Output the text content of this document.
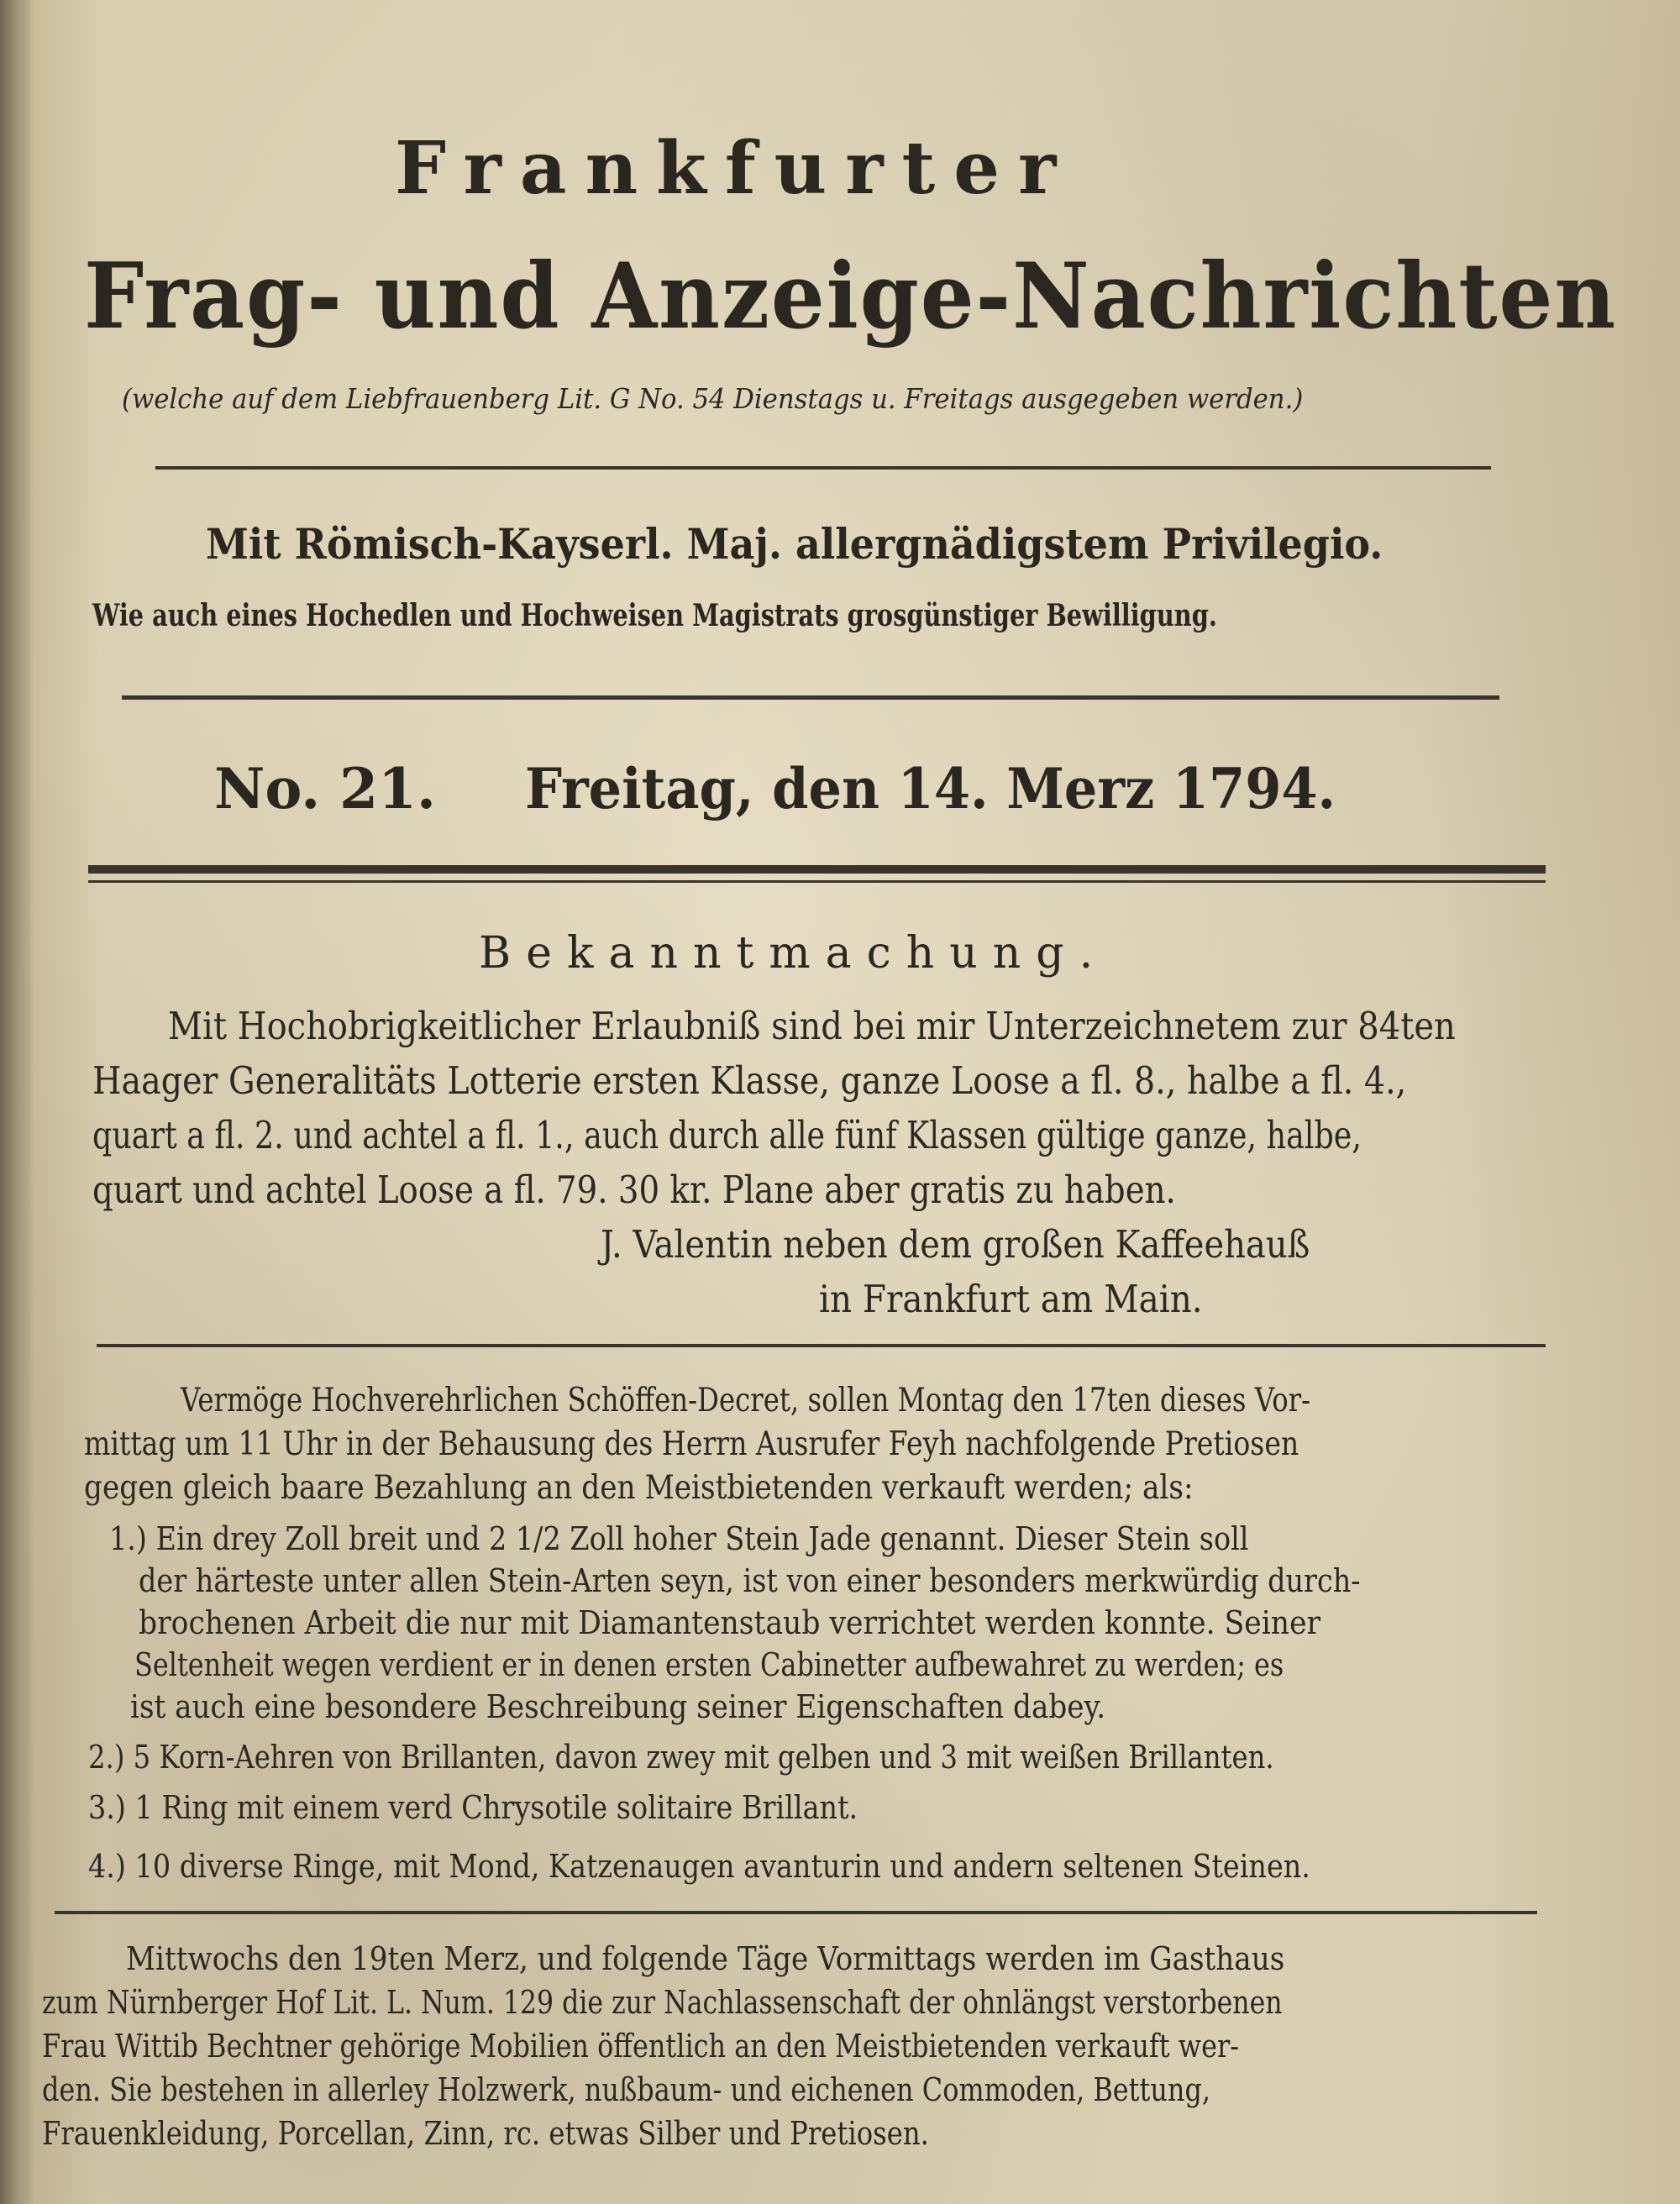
Frankfurter
Frag- und Anzeige-Nachrichten
(welche auf dem Liebfrauenberg Lit. G No. 54 Dienstags u. Freitags ausgegeben werden.)
Mit Römisch-Kayserl. Maj. allergnädigstem Privilegio.
Wie auch eines Hochedlen und Hochweisen Magistrats grosgünstiger Bewilligung.
No. 21. Freitag, den 14. Merz 1794.
Bekanntmachung.
Mit Hochobrigkeitlicher Erlaubniß sind bei mir Unterzeichnetem zur 84ten
Haager Generalitäts Lotterie ersten Klasse, ganze Loose a fl. 8., halbe a fl. 4.,
quart a fl. 2. und achtel a fl. 1., auch durch alle fünf Klassen gültige ganze, halbe,
quart und achtel Loose a fl. 79. 30 kr. Plane aber gratis zu haben.
J. Valentin neben dem großen Kaffeehauß
in Frankfurt am Main.
Vermöge Hochverehrlichen Schöffen-Decret, sollen Montag den 17ten dieses Vor-
mittag um 11 Uhr in der Behausung des Herrn Ausrufer Feyh nachfolgende Pretiosen
gegen gleich baare Bezahlung an den Meistbietenden verkauft werden; als:
1.) Ein drey Zoll breit und 2 1/2 Zoll hoher Stein Jade genannt. Dieser Stein soll
der härteste unter allen Stein-Arten seyn, ist von einer besonders merkwürdig durch-
brochenen Arbeit die nur mit Diamantenstaub verrichtet werden konnte. Seiner
Seltenheit wegen verdient er in denen ersten Cabinetter aufbewahret zu werden; es
ist auch eine besondere Beschreibung seiner Eigenschaften dabey.
2.) 5 Korn-Aehren von Brillanten, davon zwey mit gelben und 3 mit weißen Brillanten.
3.) 1 Ring mit einem verd Chrysotile solitaire Brillant.
4.) 10 diverse Ringe, mit Mond, Katzenaugen avanturin und andern seltenen Steinen.
Mittwochs den 19ten Merz, und folgende Täge Vormittags werden im Gasthaus
zum Nürnberger Hof Lit. L. Num. 129 die zur Nachlassenschaft der ohnlängst verstorbenen
Frau Wittib Bechtner gehörige Mobilien öffentlich an den Meistbietenden verkauft wer-
den. Sie bestehen in allerley Holzwerk, nußbaum- und eichenen Commoden, Bettung,
Frauenkleidung, Porcellan, Zinn, rc. etwas Silber und Pretiosen.
